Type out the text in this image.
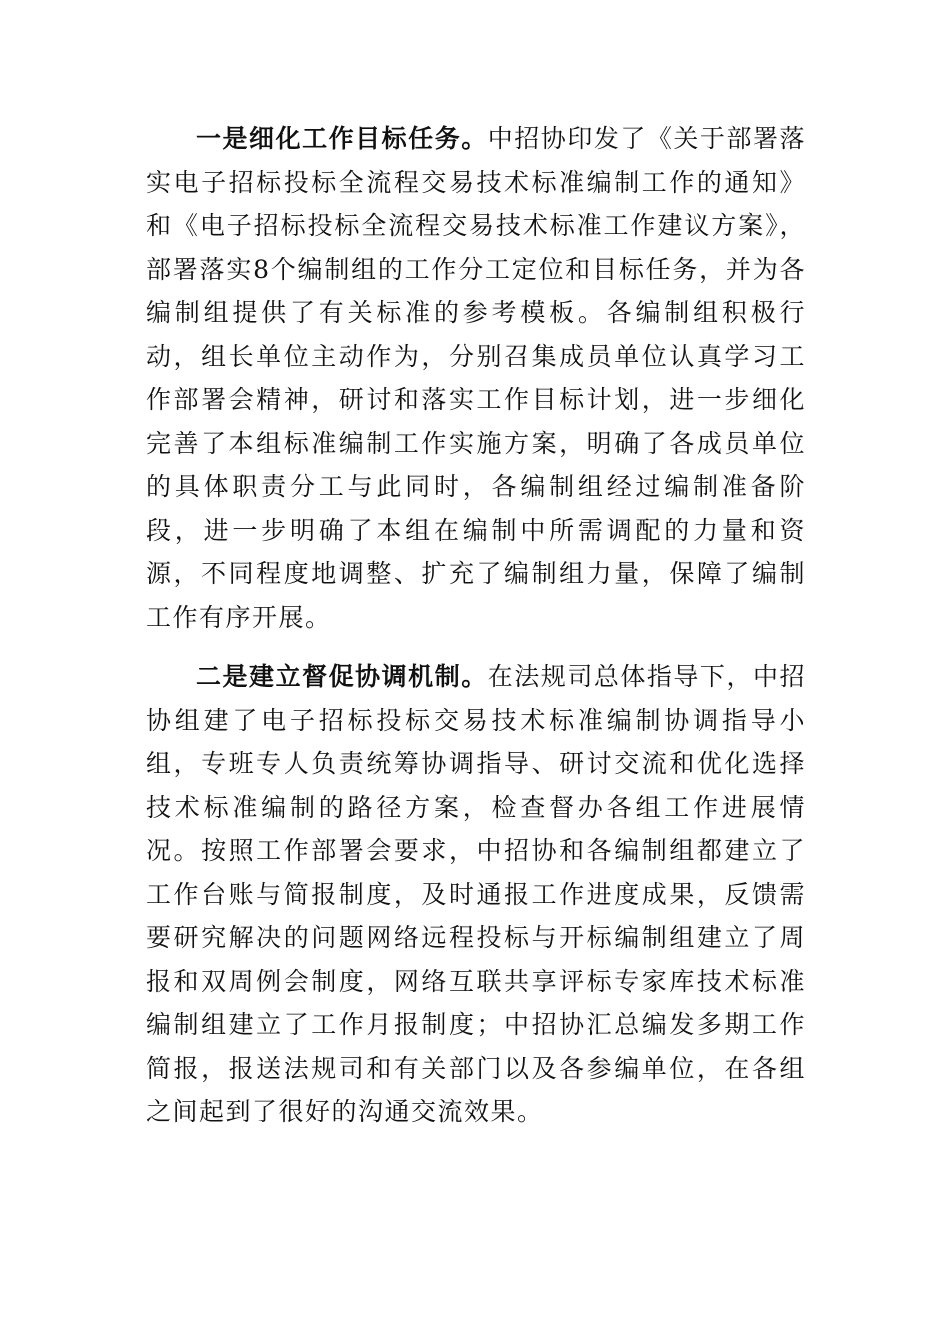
一是细化工作目标任务。中招协印发了《关于部署落实电子招标投标全流程交易技术标准编制工作的通知》和《电子招标投标全流程交易技术标准工作建议方案》，部署落实8个编制组的工作分工定位和目标任务，并为各编制组提供了有关标准的参考模板。各编制组积极行动，组长单位主动作为，分别召集成员单位认真学习工作部署会精神，研讨和落实工作目标计划，进一步细化完善了本组标准编制工作实施方案，明确了各成员单位的具体职责分工与此同时，各编制组经过编制准备阶段，进一步明确了本组在编制中所需调配的力量和资源，不同程度地调整、扩充了编制组力量，保障了编制工作有序开展。

二是建立督促协调机制。在法规司总体指导下，中招协组建了电子招标投标交易技术标准编制协调指导小组，专班专人负责统筹协调指导、研讨交流和优化选择技术标准编制的路径方案，检查督办各组工作进展情况。按照工作部署会要求，中招协和各编制组都建立了工作台账与简报制度，及时通报工作进度成果，反馈需要研究解决的问题网络远程投标与开标编制组建立了周报和双周例会制度，网络互联共享评标专家库技术标准编制组建立了工作月报制度；中招协汇总编发多期工作简报，报送法规司和有关部门以及各参编单位，在各组之间起到了很好的沟通交流效果。
